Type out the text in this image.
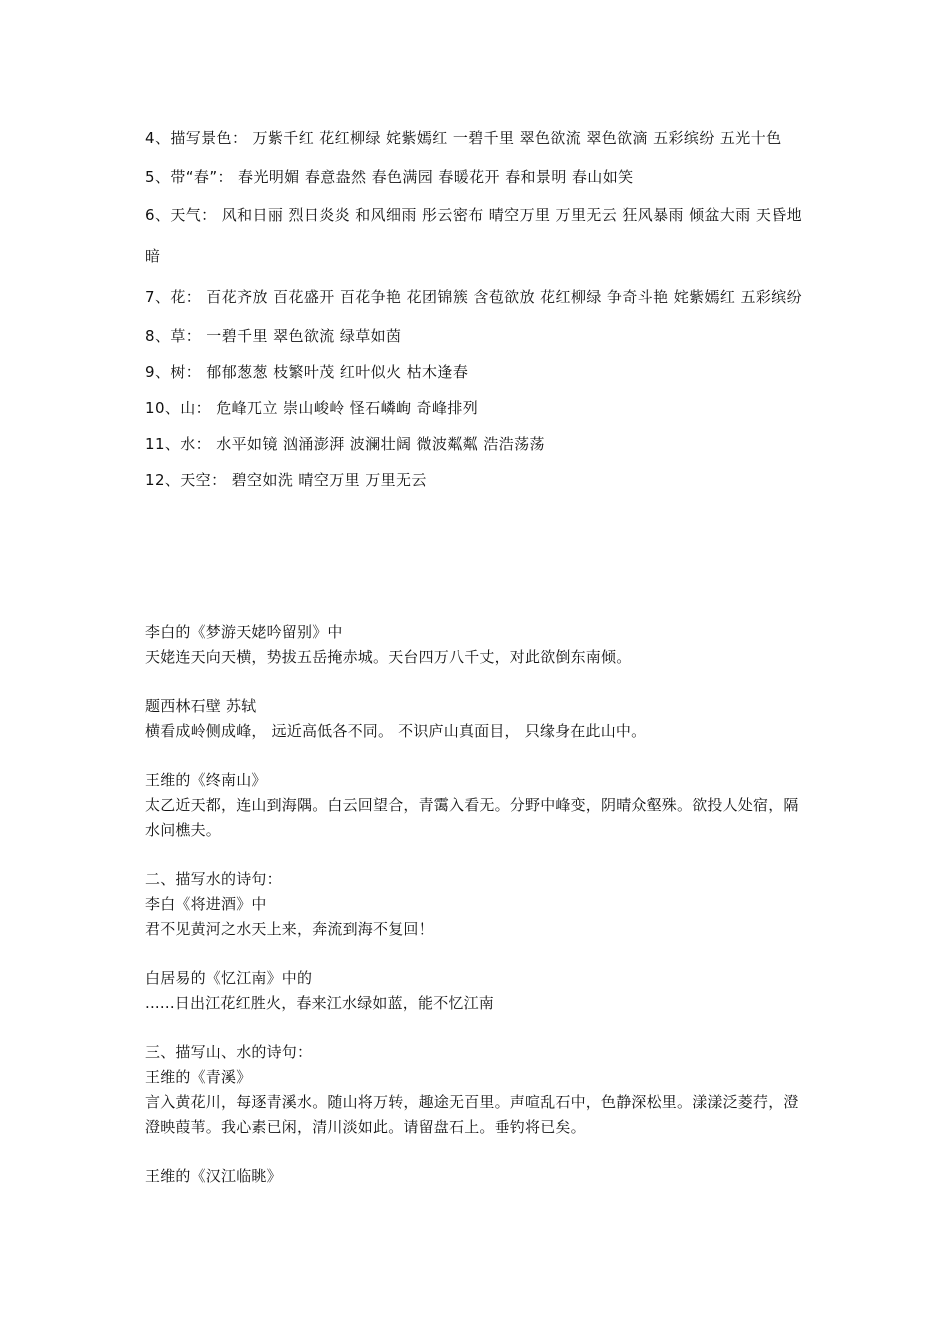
4、描写景色： 万紫千红 花红柳绿 姹紫嫣红 一碧千里 翠色欲流 翠色欲滴 五彩缤纷 五光十色
5、带“春”： 春光明媚 春意盎然 春色满园 春暖花开 春和景明 春山如笑
6、天气： 风和日丽 烈日炎炎 和风细雨 彤云密布 晴空万里 万里无云 狂风暴雨 倾盆大雨 天昏地暗
7、花： 百花齐放 百花盛开 百花争艳 花团锦簇 含苞欲放 花红柳绿 争奇斗艳 姹紫嫣红 五彩缤纷
8、草： 一碧千里 翠色欲流 绿草如茵
9、树： 郁郁葱葱 枝繁叶茂 红叶似火 枯木逢春
10、山： 危峰兀立 崇山峻岭 怪石嶙峋 奇峰排列
11、水： 水平如镜 汹涌澎湃 波澜壮阔 微波粼粼 浩浩荡荡
12、天空： 碧空如洗 晴空万里 万里无云
李白的《梦游天姥吟留别》中
天姥连天向天横，势拔五岳掩赤城。天台四万八千丈，对此欲倒东南倾。
题西林石壁 苏轼
横看成岭侧成峰， 远近高低各不同。 不识庐山真面目， 只缘身在此山中。
王维的《终南山》
太乙近天都，连山到海隅。白云回望合，青霭入看无。分野中峰变，阴晴众壑殊。欲投人处宿，隔水问樵夫。
二、描写水的诗句：
李白《将进酒》中
君不见黄河之水天上来，奔流到海不复回！
白居易的《忆江南》中的
......日出江花红胜火，春来江水绿如蓝，能不忆江南
三、描写山、水的诗句：
王维的《青溪》
言入黄花川，每逐青溪水。随山将万转，趣途无百里。声喧乱石中，色静深松里。漾漾泛菱荇，澄澄映葭苇。我心素已闲，清川淡如此。请留盘石上。垂钓将已矣。
王维的《汉江临眺》
